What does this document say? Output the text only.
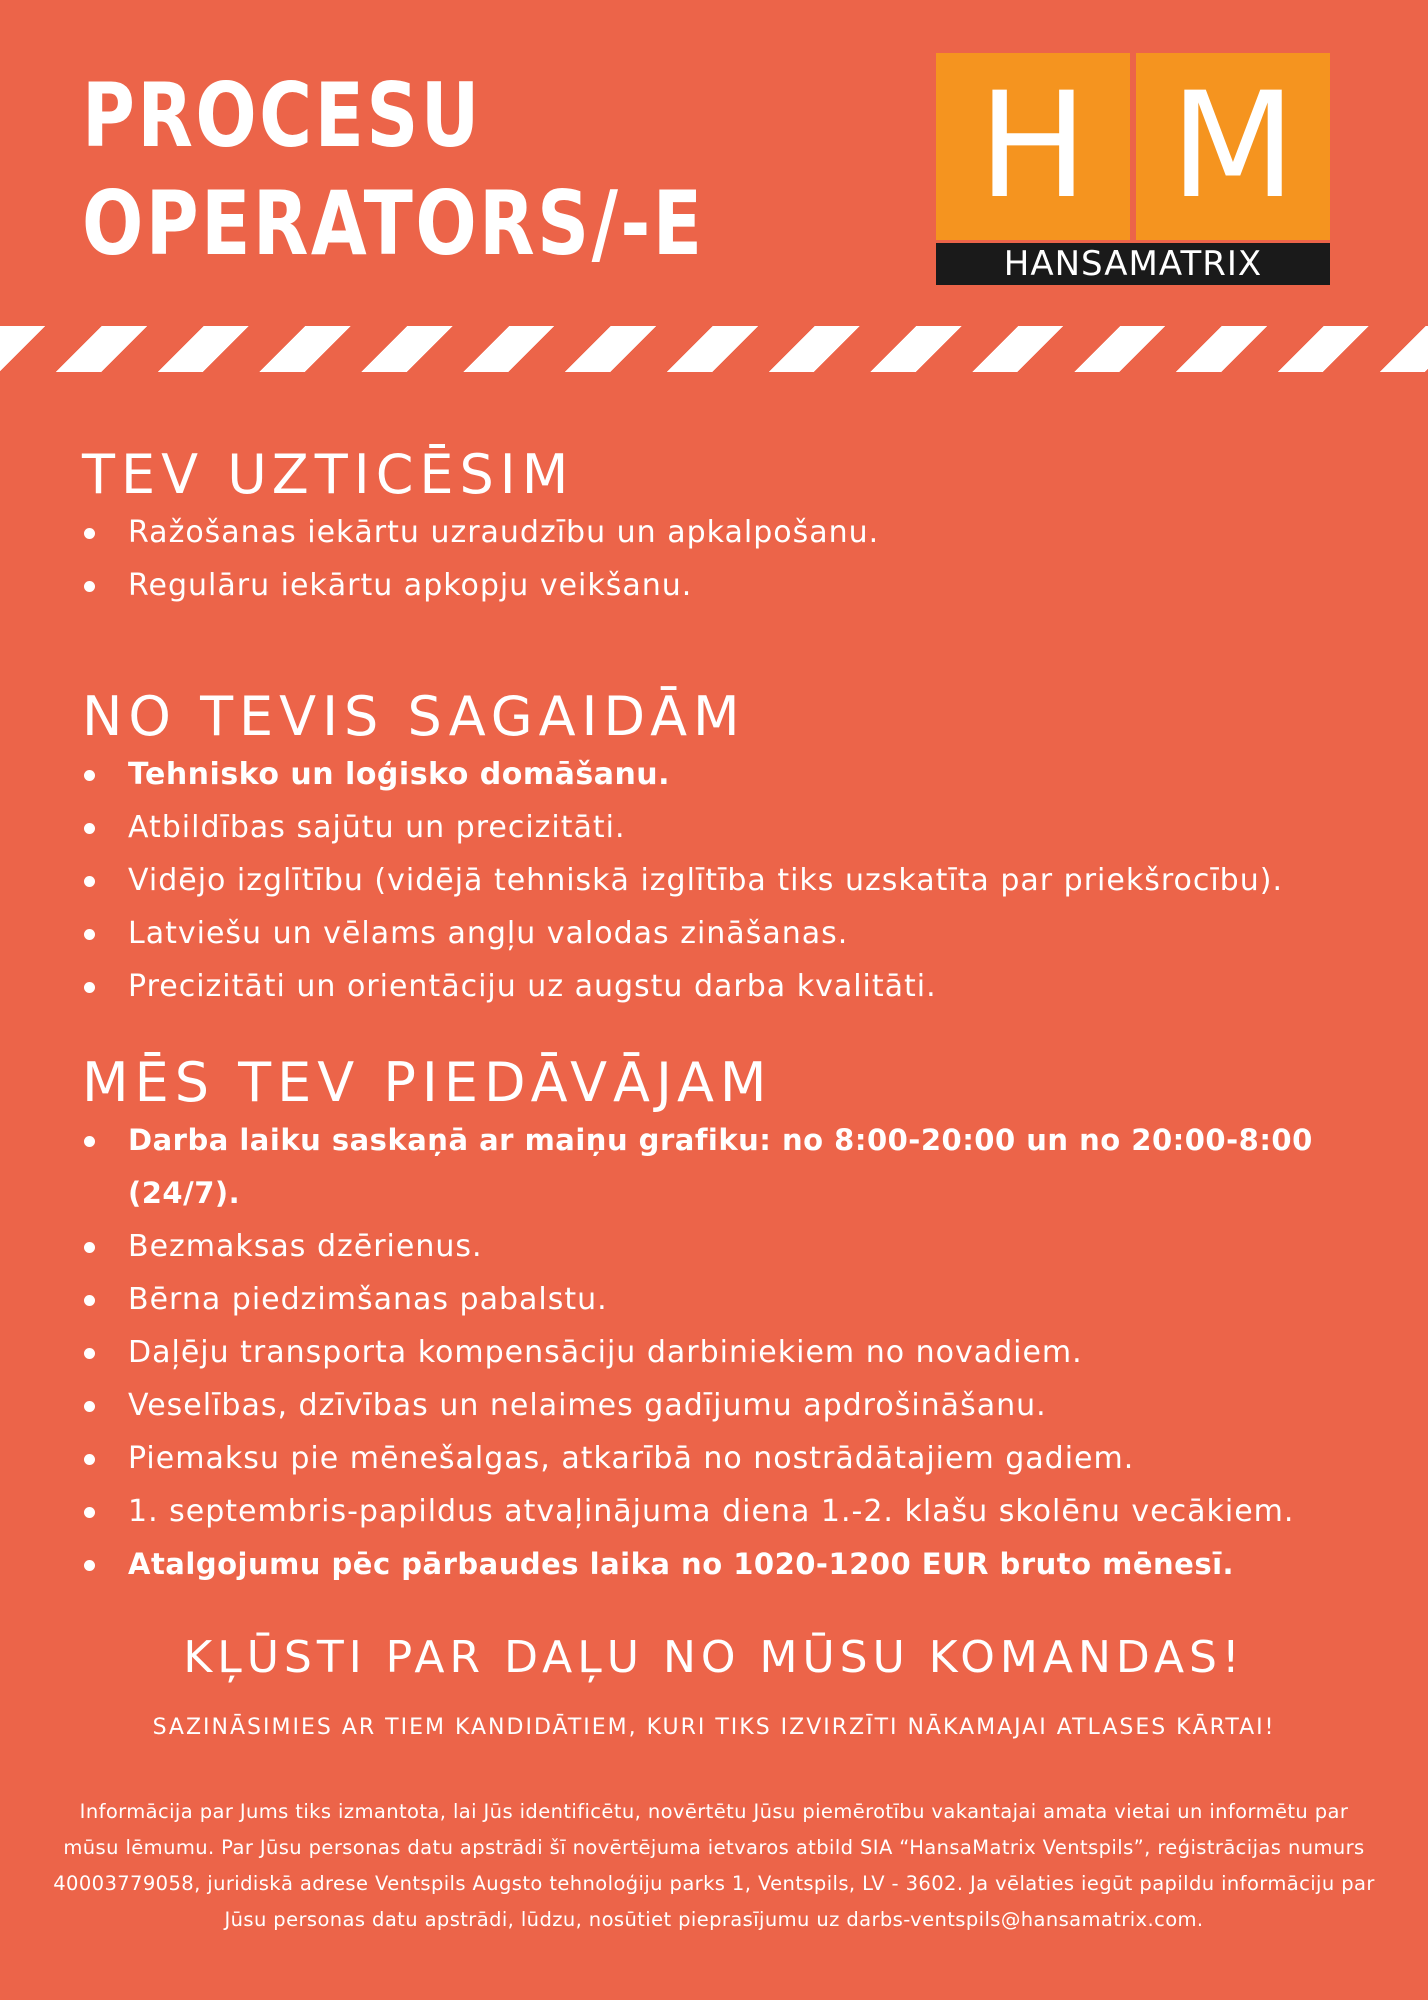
PROCESU
OPERATORS/-E H M
HANSAMATRIX
TEV UZTICĒSIM
Ražošanas iekārtu uzraudzību un apkalpošanu.
Regulāru iekārtu apkopju veikšanu.
NO TEVIS SAGAIDĀM
Tehnisko un loģisko domāšanu.
Atbildības sajūtu un precizitāti.
Vidējo izglītību (vidējā tehniskā izglītība tiks uzskatīta par priekšrocību).
Latviešu un vēlams angļu valodas zināšanas.
Precizitāti un orientāciju uz augstu darba kvalitāti.
MĒS TEV PIEDĀVĀJAM
Darba laiku saskaņā ar maiņu grafiku: no 8:00-20:00 un no 20:00-8:00 (24/7).
Bezmaksas dzērienus.
Bērna piedzimšanas pabalstu.
Daļēju transporta kompensāciju darbiniekiem no novadiem.
Veselības, dzīvības un nelaimes gadījumu apdrošināšanu.
Piemaksu pie mēnešalgas, atkarībā no nostrādātajiem gadiem.
1. septembris-papildus atvaļinājuma diena 1.-2. klašu skolēnu vecākiem.
Atalgojumu pēc pārbaudes laika no 1020-1200 EUR bruto mēnesī.

KĻŪSTI PAR DAĻU NO MŪSU KOMANDAS!

SAZINĀSIMIES AR TIEM KANDIDĀTIEM, KURI TIKS IZVIRZĪTI NĀKAMAJAI ATLASES KĀRTAI!
Informācija par Jums tiks izmantota, lai Jūs identificētu, novērtētu Jūsu piemērotību vakantajai amata vietai un informētu par mūsu lēmumu. Par Jūsu personas datu apstrādi šī novērtējuma ietvaros atbild SIA “HansaMatrix Ventspils”, reģistrācijas numurs 40003779058, juridiskā adrese Ventspils Augsto tehnoloģiju parks 1, Ventspils, LV - 3602. Ja vēlaties iegūt papildu informāciju par Jūsu personas datu apstrādi, lūdzu, nosūtiet pieprasījumu uz darbs-ventspils@hansamatrix.com.
